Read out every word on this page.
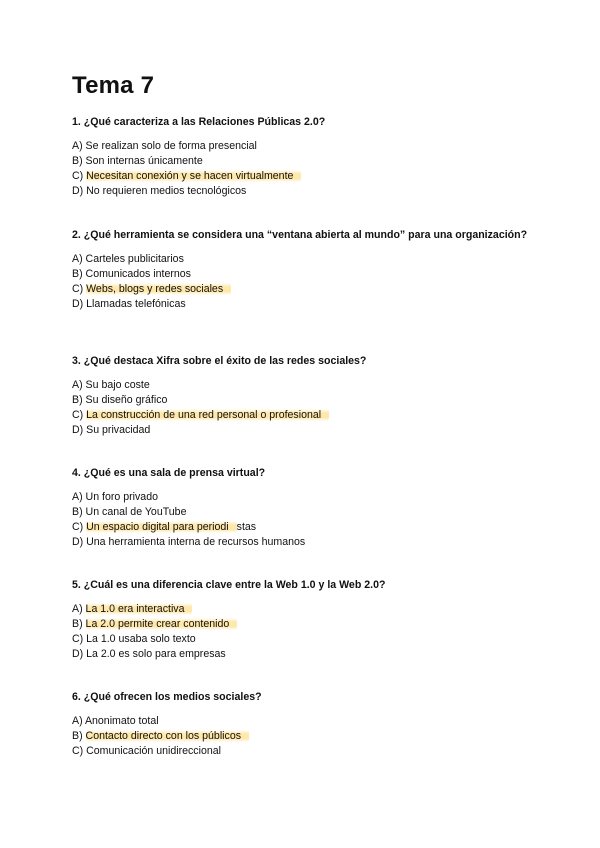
Tema 7

1. ¿Qué caracteriza a las Relaciones Públicas 2.0?

A) Se realizan solo de forma presencial

B) Son internas únicamente

C) Necesitan conexión y se hacen virtualmente

D) No requieren medios tecnológicos

2. ¿Qué herramienta se considera una “ventana abierta al mundo” para una organización?

A) Carteles publicitarios

B) Comunicados internos

C) Webs, blogs y redes sociales

D) Llamadas telefónicas

3. ¿Qué destaca Xifra sobre el éxito de las redes sociales?

A) Su bajo coste

B) Su diseño gráfico

C) La construcción de una red personal o profesional

D) Su privacidad

4. ¿Qué es una sala de prensa virtual?

A) Un foro privado

B) Un canal de YouTube

C) Un espacio digital para periodi stas

D) Una herramienta interna de recursos humanos

5. ¿Cuál es una diferencia clave entre la Web 1.0 y la Web 2.0?

A) La 1.0 era interactiva

B) La 2.0 permite crear contenido

C) La 1.0 usaba solo texto

D) La 2.0 es solo para empresas

6. ¿Qué ofrecen los medios sociales?

A) Anonimato total

B) Contacto directo con los públicos

C) Comunicación unidireccional
